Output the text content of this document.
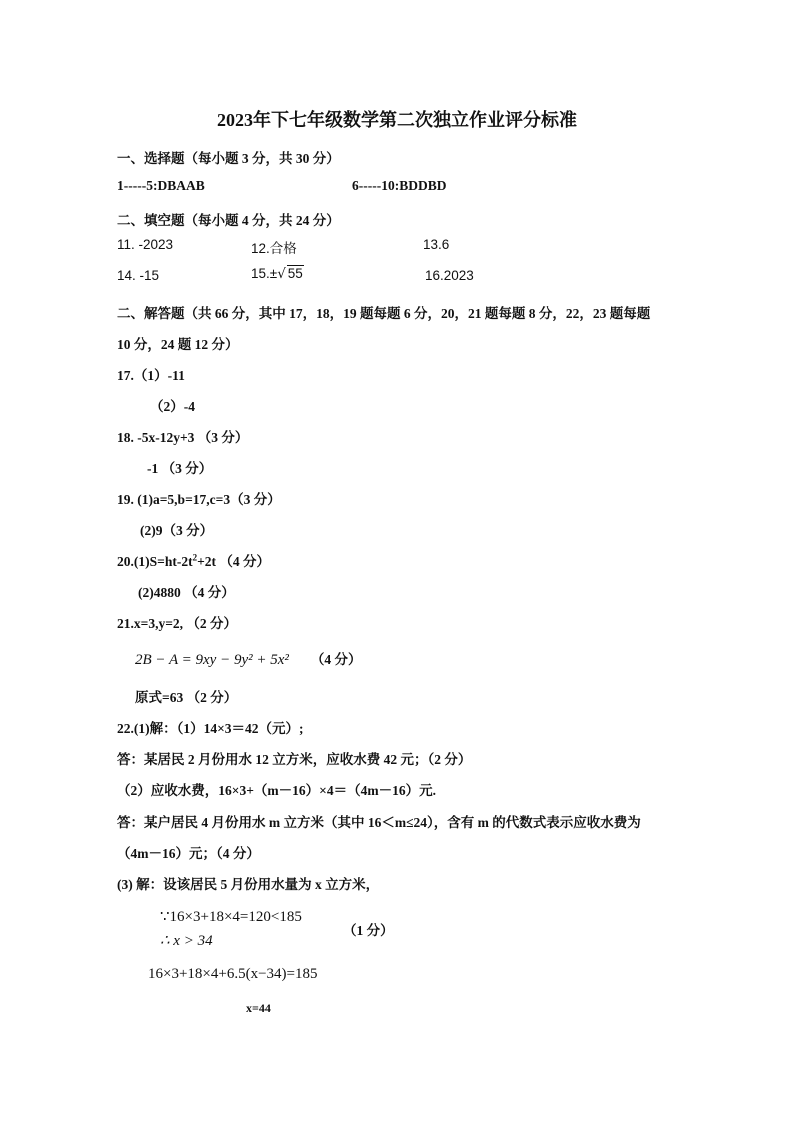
2023年下七年级数学第二次独立作业评分标准
一、选择题（每小题 3 分，共 30 分）
1-----5:DBAAB	6-----10:BDDBD
二、填空题（每小题 4 分，共 24 分）
11. -2023	12.合格	13.6
14. -15	15.±√ 55	16.2023
二、解答题（共 66 分，其中 17，18，19 题每题 6 分，20，21 题每题 8 分，22，23 题每题
10 分，24 题 12 分）
17.（1）-11
（2）-4
18. -5x-12y+3 （3 分）
-1 （3 分）
19. (1)a=5,b=17,c=3（3 分）
(2)9（3 分）
$20.(1)S=ht-2t^2+2t$ （4 分）
(2)4880 （4 分）
21.x=3,y=2, （2 分）
2B − A = 9xy − 9y² + 5x² （4 分）
原式=63 （2 分）
22.(1)解：（1）14×3＝42（元）;
答：某居民 2 月份用水 12 立方米，应收水费 42 元；（2 分）
（2）应收水费，16×3+（m－16）×4＝（4m－16）元.
答：某户居民 4 月份用水 m 立方米（其中 16＜m≤24），含有 m 的代数式表示应收水费为
（4m－16）元；（4 分）
(3) 解：设该居民 5 月份用水量为 x 立方米，
∵16×3+18×4=120<185
∴ x > 34
（1 分）
16×3+18×4+6.5(x−34)=185
x=44
